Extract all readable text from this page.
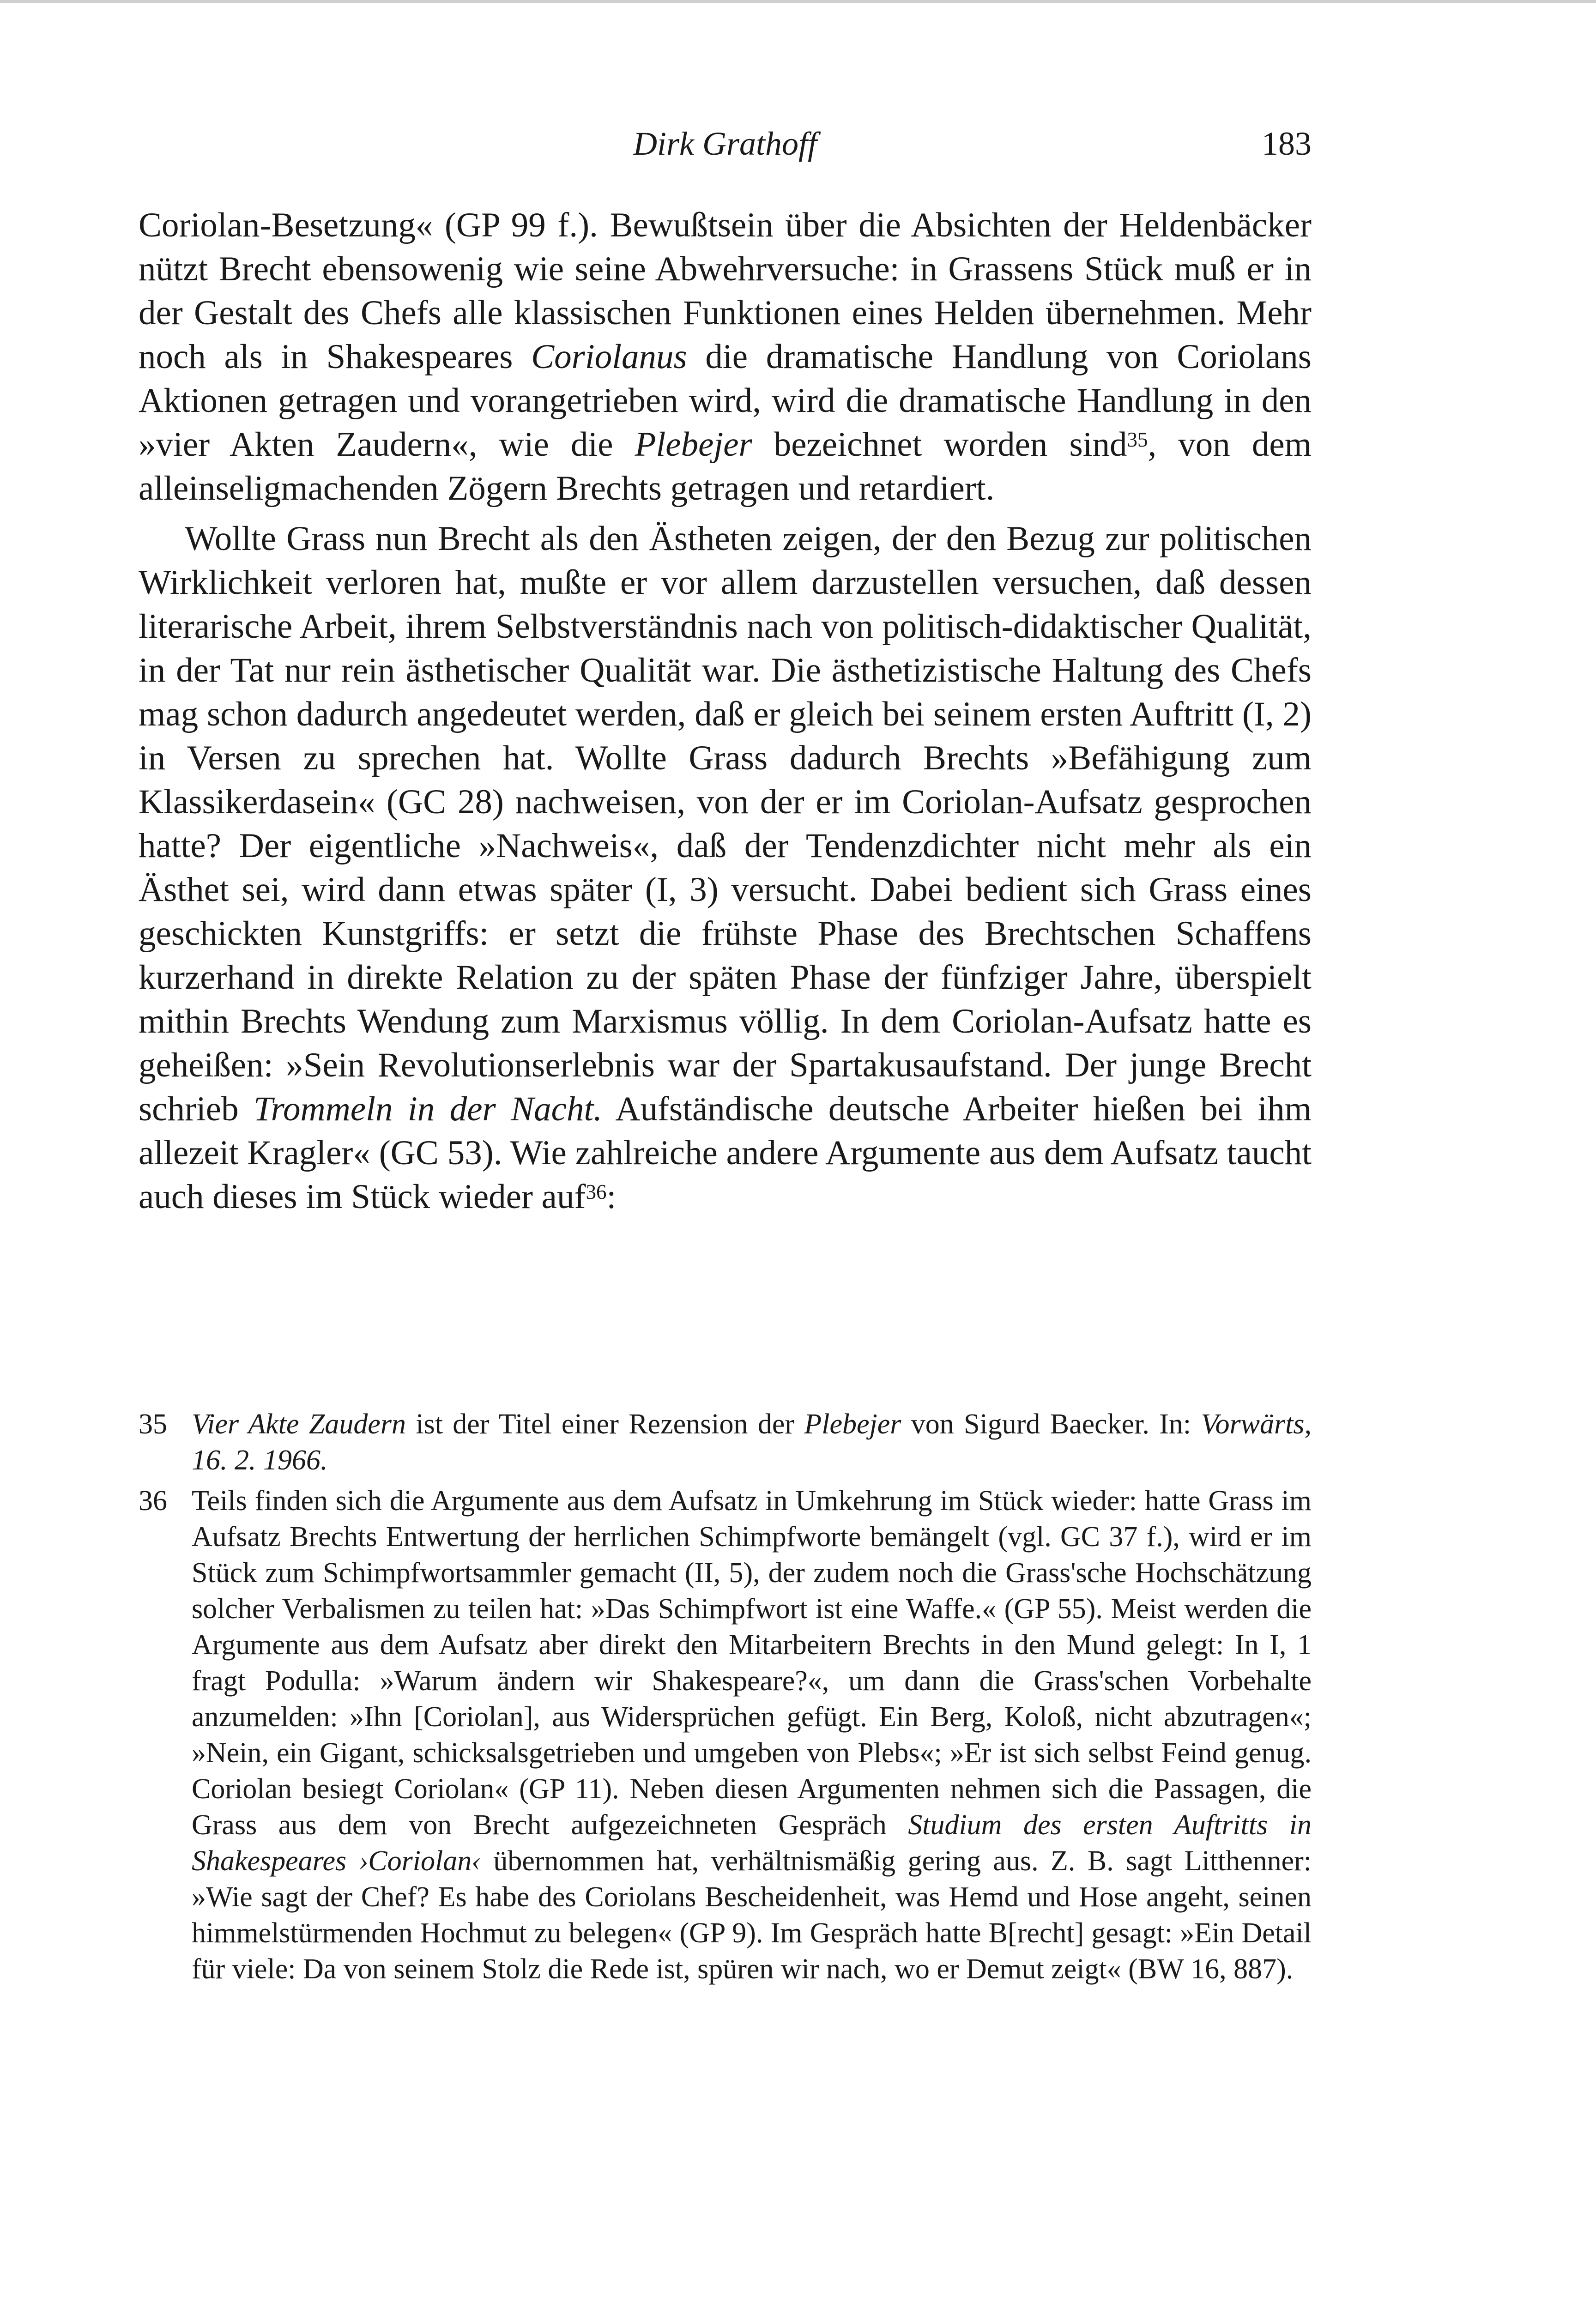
Dirk Grathoff	183

Coriolan-Besetzung« (GP 99 f.). Bewußtsein über die Absichten der Heldenbäcker nützt Brecht ebensowenig wie seine Abwehrversuche: in Grassens Stück muß er in der Gestalt des Chefs alle klassischen Funktionen eines Helden übernehmen. Mehr noch als in Shakespeares Coriolanus die dramatische Handlung von Coriolans Aktionen getragen und vorangetrieben wird, wird die dramatische Handlung in den »vier Akten Zaudern«, wie die Plebejer bezeichnet worden sind$^{35}$, von dem alleinseligmachenden Zögern Brechts getragen und retardiert.

Wollte Grass nun Brecht als den Ästheten zeigen, der den Bezug zur politischen Wirklichkeit verloren hat, mußte er vor allem darzustellen versuchen, daß dessen literarische Arbeit, ihrem Selbstverständnis nach von politisch-didaktischer Qualität, in der Tat nur rein ästhetischer Qualität war. Die ästhetizistische Haltung des Chefs mag schon dadurch angedeutet werden, daß er gleich bei seinem ersten Auftritt (I, 2) in Versen zu sprechen hat. Wollte Grass dadurch Brechts »Befähigung zum Klassikerdasein« (GC 28) nachweisen, von der er im Coriolan-Aufsatz gesprochen hatte? Der eigentliche »Nachweis«, daß der Tendenzdichter nicht mehr als ein Ästhet sei, wird dann etwas später (I, 3) versucht. Dabei bedient sich Grass eines geschickten Kunstgriffs: er setzt die frühste Phase des Brechtschen Schaffens kurzerhand in direkte Relation zu der späten Phase der fünfziger Jahre, überspielt mithin Brechts Wendung zum Marxismus völlig. In dem Coriolan-Aufsatz hatte es geheißen: »Sein Revolutionserlebnis war der Spartakusaufstand. Der junge Brecht schrieb Trommeln in der Nacht. Aufständische deutsche Arbeiter hießen bei ihm allezeit Kragler« (GC 53). Wie zahlreiche andere Argumente aus dem Aufsatz taucht auch dieses im Stück wieder auf$^{36}$:

35 Vier Akte Zaudern ist der Titel einer Rezension der Plebejer von Sigurd Baecker. In: Vorwärts, 16. 2. 1966.
36 Teils finden sich die Argumente aus dem Aufsatz in Umkehrung im Stück wieder: hatte Grass im Aufsatz Brechts Entwertung der herrlichen Schimpfworte bemängelt (vgl. GC 37 f.), wird er im Stück zum Schimpfwortsammler gemacht (II, 5), der zudem noch die Grass'sche Hochschätzung solcher Verbalismen zu teilen hat: »Das Schimpfwort ist eine Waffe.« (GP 55). Meist werden die Argumente aus dem Aufsatz aber direkt den Mitarbeitern Brechts in den Mund gelegt: In I, 1 fragt Podulla: »Warum ändern wir Shakespeare?«, um dann die Grass'schen Vorbehalte anzumelden: »Ihn [Coriolan], aus Widersprüchen gefügt. Ein Berg, Koloß, nicht abzutragen«; »Nein, ein Gigant, schicksalsgetrieben und umgeben von Plebs«; »Er ist sich selbst Feind genug. Coriolan besiegt Coriolan« (GP 11). Neben diesen Argumenten nehmen sich die Passagen, die Grass aus dem von Brecht aufgezeichneten Gespräch Studium des ersten Auftritts in Shakespeares ›Coriolan‹ übernommen hat, verhältnismäßig gering aus. Z. B. sagt Litthenner: »Wie sagt der Chef? Es habe des Coriolans Bescheidenheit, was Hemd und Hose angeht, seinen himmelstürmenden Hochmut zu belegen« (GP 9). Im Gespräch hatte B[recht] gesagt: »Ein Detail für viele: Da von seinem Stolz die Rede ist, spüren wir nach, wo er Demut zeigt« (BW 16, 887).
